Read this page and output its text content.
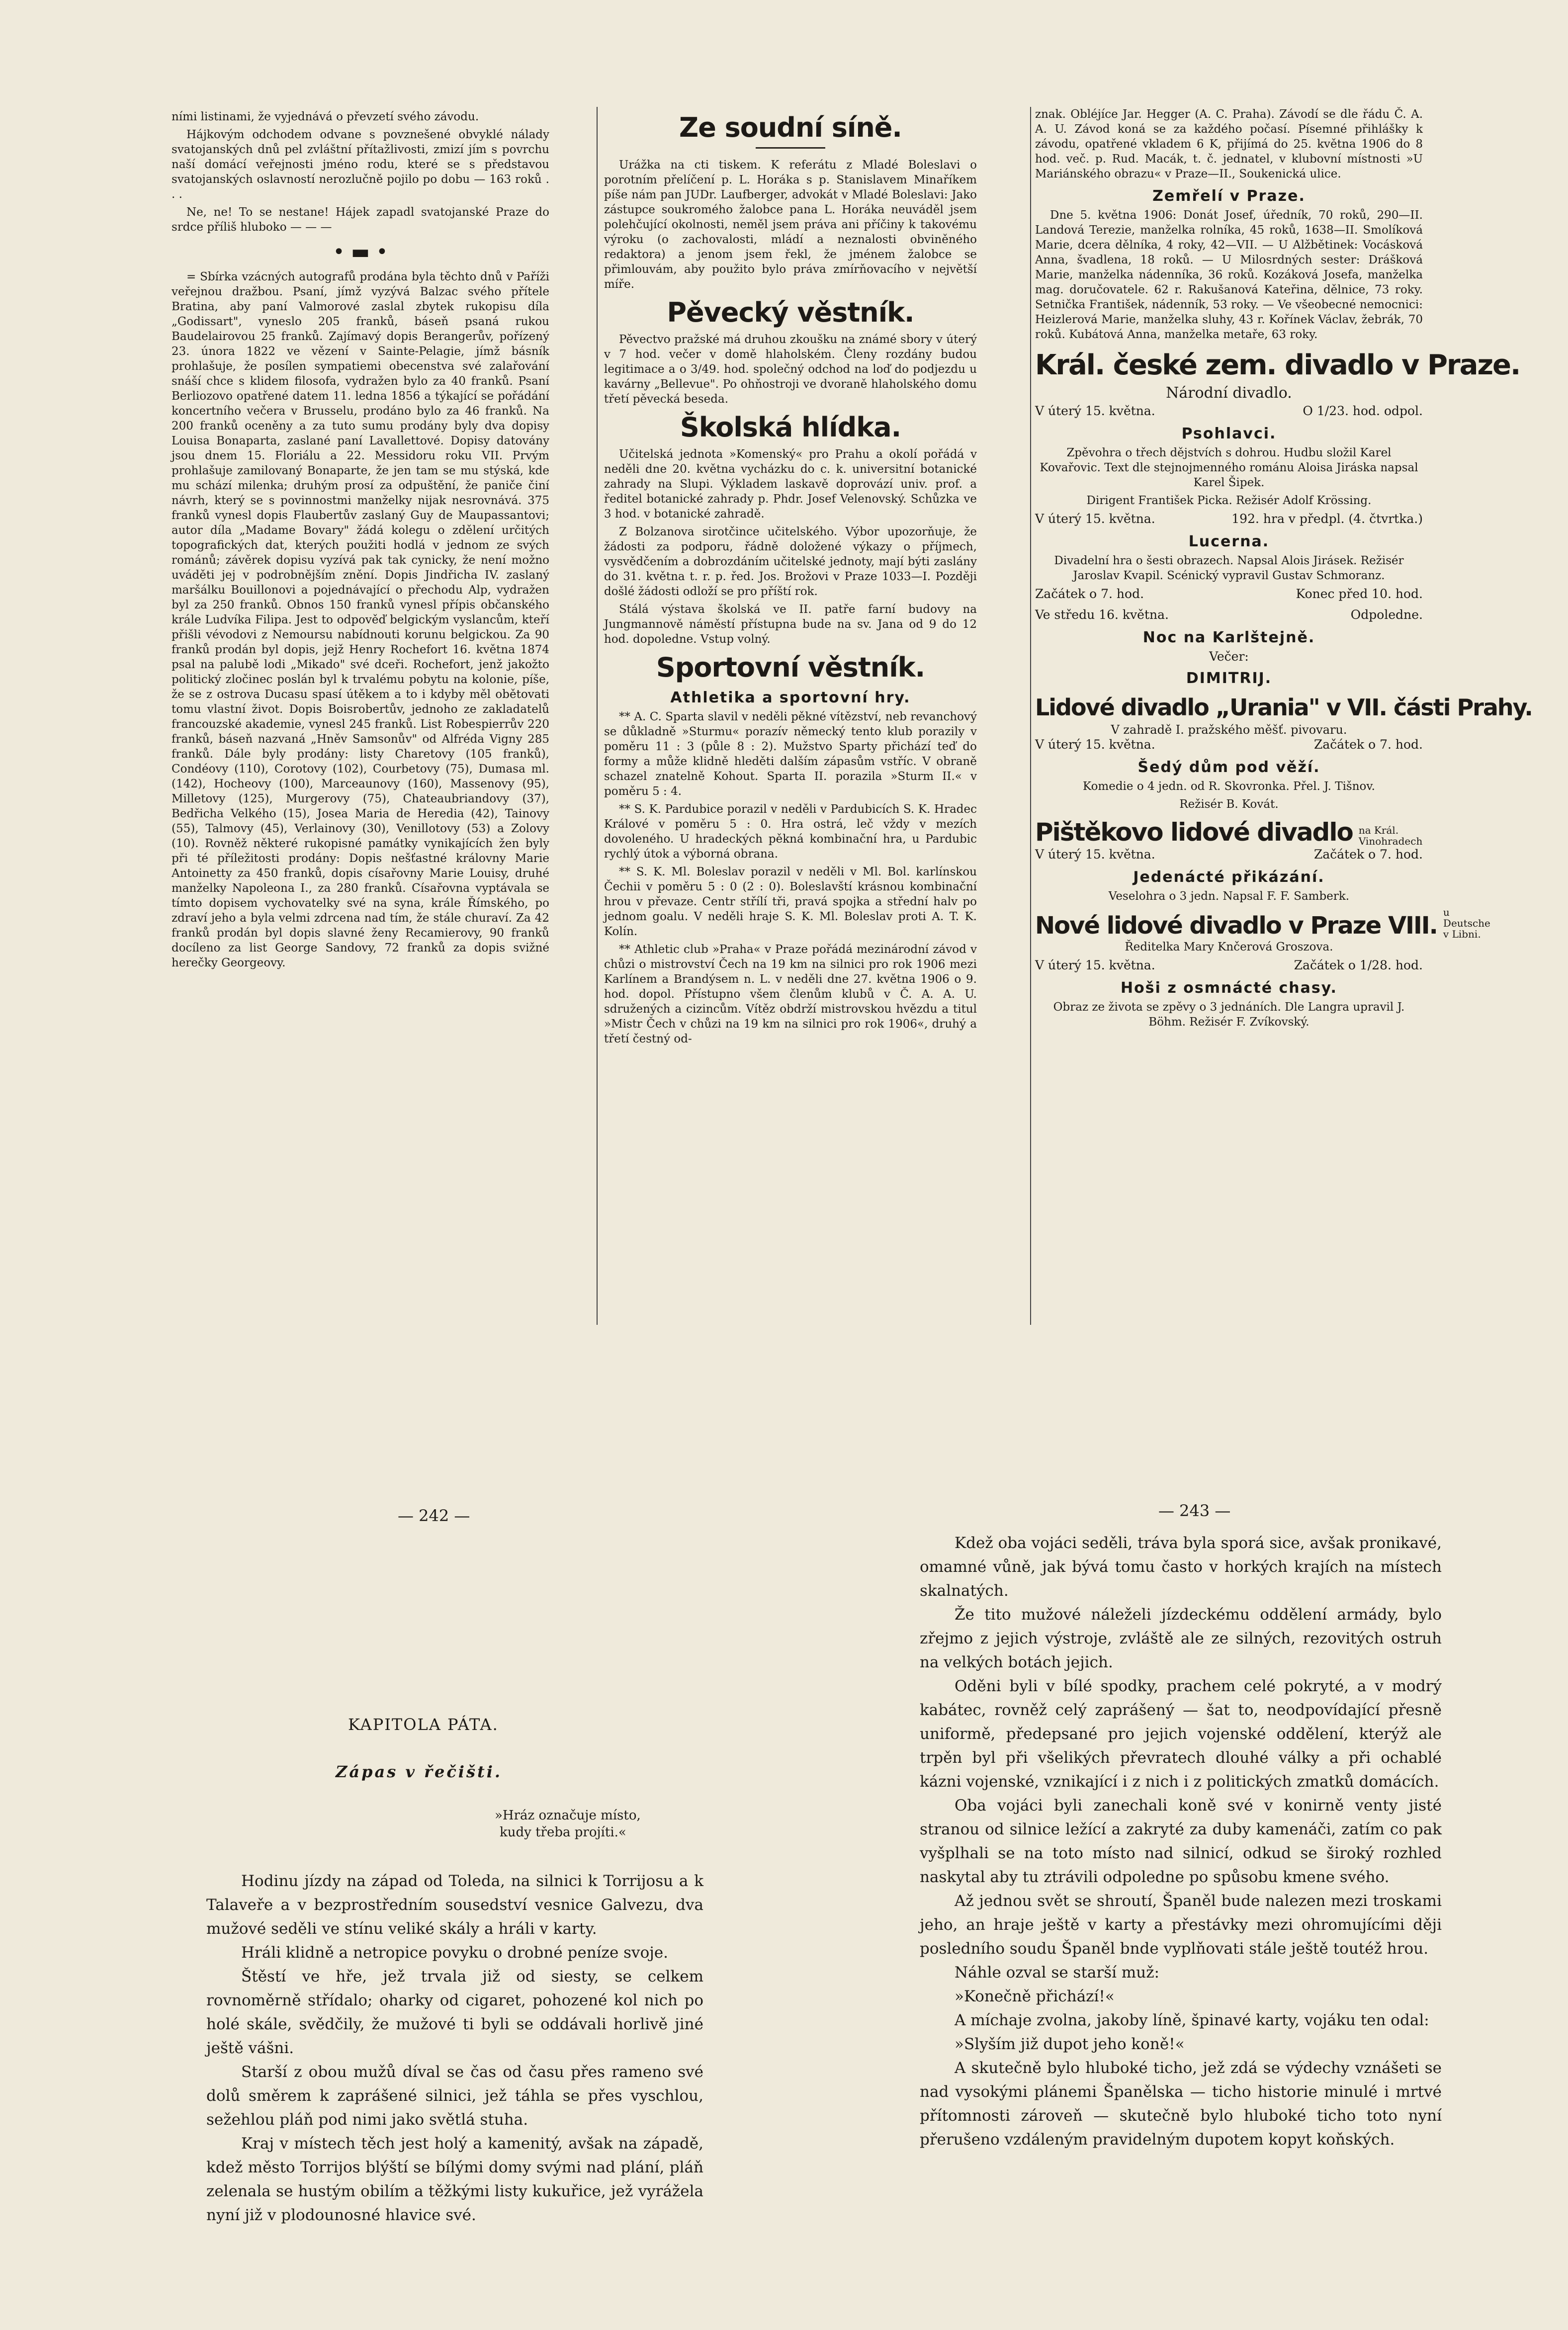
ními listinami, že vyjednává o převzetí svého závodu.

Hájkovým odchodem odvane s povznešené obvyklé nálady svatojanských dnů pel zvláštní přítažlivosti, zmizí jím s povrchu naší domácí veřejnosti jméno rodu, které se s představou svatojanských oslavností nerozlučně pojilo po dobu — 163 roků . . .

Ne, ne! To se nestane! Hájek zapadl svatojanské Praze do srdce příliš hluboko — — —

• ▬ •

= Sbírka vzácných autografů prodána byla těchto dnů v Paříži veřejnou dražbou. Psaní, jímž vyzývá Balzac svého přítele Bratina, aby paní Valmorové zaslal zbytek rukopisu díla „Godissart", vyneslo 205 franků, báseň psaná rukou Baudelairovou 25 franků. Zajímavý dopis Berangerův, pořízený 23. února 1822 ve vězení v Sainte-Pelagie, jímž básník prohlašuje, že posílen sympatiemi obecenstva své zalařování snáší chce s klidem filosofa, vydražen bylo za 40 franků. Psaní Berliozovo opatřené datem 11. ledna 1856 a týkající se pořádání koncertního večera v Brusselu, prodáno bylo za 46 franků. Na 200 franků oceněny a za tuto sumu prodány byly dva dopisy Louisa Bonaparta, zaslané paní Lavallettové. Dopisy datovány jsou dnem 15. Floriálu a 22. Messidoru roku VII. Prvým prohlašuje zamilovaný Bonaparte, že jen tam se mu stýská, kde mu schází milenka; druhým prosí za odpuštění, že paniče činí návrh, který se s povinnostmi manželky nijak nesrovnává. 375 franků vynesl dopis Flaubertův zaslaný Guy de Maupassantovi; autor díla „Madame Bovary" žádá kolegu o zdělení určitých topografických dat, kterých použiti hodlá v jednom ze svých románů; závěrek dopisu vyzívá pak tak cynicky, že není možno uváděti jej v podrobnějším znění. Dopis Jindřicha IV. zaslaný maršálku Bouillonovi a pojednávající o přechodu Alp, vydražen byl za 250 franků. Obnos 150 franků vynesl přípis občanského krále Ludvíka Filipa. Jest to odpověď belgickým vyslancům, kteří přišli vévodovi z Nemoursu nabídnouti korunu belgickou. Za 90 franků prodán byl dopis, jejž Henry Rochefort 16. května 1874 psal na palubě lodi „Mikado" své dceři. Rochefort, jenž jakožto politický zločinec poslán byl k trvalému pobytu na kolonie, píše, že se z ostrova Ducasu spasí útěkem a to i kdyby měl obětovati tomu vlastní život. Dopis Boisrobertův, jednoho ze zakladatelů francouzské akademie, vynesl 245 franků. List Robespierrův 220 franků, báseň nazvaná „Hněv Samsonův" od Alfréda Vigny 285 franků. Dále byly prodány: listy Charetovy (105 franků), Condéovy (110), Corotovy (102), Courbetovy (75), Dumasa ml. (142), Hocheovy (100), Marceaunovy (160), Massenovy (95), Milletovy (125), Murgerovy (75), Chateaubriandovy (37), Bedřicha Velkého (15), Josea Maria de Heredia (42), Tainovy (55), Talmovy (45), Verlainovy (30), Venillotovy (53) a Zolovy (10). Rovněž některé rukopisné památky vynikajících žen byly při té příležitosti prodány: Dopis nešťastné královny Marie Antoinetty za 450 franků, dopis císařovny Marie Louisy, druhé manželky Napoleona I., za 280 franků. Císařovna vyptávala se tímto dopisem vychovatelky své na syna, krále Římského, po zdraví jeho a byla velmi zdrcena nad tím, že stále churaví. Za 42 franků prodán byl dopis slavné ženy Recamierovy, 90 franků docíleno za list George Sandovy, 72 franků za dopis svižné herečky Georgeovy.

Ze soudní síně.

Urážka na cti tiskem. K referátu z Mladé Boleslavi o porotním přelíčení p. L. Horáka s p. Stanislavem Minaříkem píše nám pan JUDr. Laufberger, advokát v Mladé Boleslavi: Jako zástupce soukromého žalobce pana L. Horáka neuváděl jsem polehčující okolnosti, neměl jsem práva ani příčiny k takovému výroku (o zachovalosti, mládí a neznalosti obviněného redaktora) a jenom jsem řekl, že jménem žalobce se přimlouvám, aby použito bylo práva zmírňovacího v největší míře.

Pěvecký věstník.

Pěvectvo pražské má druhou zkoušku na známé sbory v úterý v 7 hod. večer v domě hlaholském. Členy rozdány budou legitimace a o 3/49. hod. společný odchod na loď do podjezdu u kavárny „Bellevue". Po ohňostroji ve dvoraně hlaholského domu třetí pěvecká beseda.

Školská hlídka.

Učitelská jednota »Komenský« pro Prahu a okolí pořádá v neděli dne 20. května vycházku do c. k. universitní botanické zahrady na Slupi. Výkladem laskavě doprovází univ. prof. a ředitel botanické zahrady p. Phdr. Josef Velenovský. Schůzka ve 3 hod. v botanické zahradě.

Z Bolzanova sirotčince učitelského. Výbor upozorňuje, že žádosti za podporu, řádně doložené výkazy o příjmech, vysvědčením a dobrozdáním učitelské jednoty, mají býti zaslány do 31. května t. r. p. řed. Jos. Brožovi v Praze 1033—I. Později došlé žádosti odloží se pro příští rok.

Stálá výstava školská ve II. patře farní budovy na Jungmannově náměstí přístupna bude na sv. Jana od 9 do 12 hod. dopoledne. Vstup volný.

Sportovní věstník.
Athletika a sportovní hry.

** A. C. Sparta slavil v neděli pěkné vítězství, neb revanchový se důkladně »Sturmu« porazív německý tento klub porazily v poměru 11 : 3 (půle 8 : 2). Mužstvo Sparty přichází teď do formy a může klidně hleděti dalším zápasům vstříc. V obraně schazel znatelně Kohout. Sparta II. porazila »Sturm II.« v poměru 5 : 4.

** S. K. Pardubice porazil v neděli v Pardubicích S. K. Hradec Králové v poměru 5 : 0. Hra ostrá, leč vždy v mezích dovoleného. U hradeckých pěkná kombinační hra, u Pardubic rychlý útok a výborná obrana.

** S. K. Ml. Boleslav porazil v neděli v Ml. Bol. karlínskou Čechii v poměru 5 : 0 (2 : 0). Boleslavští krásnou kombinační hrou v převaze. Centr střílí tři, pravá spojka a střední halv po jednom goalu. V neděli hraje S. K. Ml. Boleslav proti A. T. K. Kolín.

** Athletic club »Praha« v Praze pořádá mezinárodní závod v chůzi o mistrovství Čech na 19 km na silnici pro rok 1906 mezi Karlínem a Brandýsem n. L. v neděli dne 27. května 1906 o 9. hod. dopol. Přístupno všem členům klubů v Č. A. A. U. sdružených a cizincům. Vítěz obdrží mistrovskou hvězdu a titul »Mistr Čech v chůzi na 19 km na silnici pro rok 1906«, druhý a třetí čestný od-

znak. Obléjíce Jar. Hegger (A. C. Praha). Závodí se dle řádu Č. A. A. U. Závod koná se za každého počasí. Písemné přihlášky k závodu, opatřené vkladem 6 K, přijímá do 25. května 1906 do 8 hod. več. p. Rud. Macák, t. č. jednatel, v klubovní místnosti »U Mariánského obrazu« v Praze—II., Soukenická ulice.

Zemřelí v Praze.

Dne 5. května 1906: Donát Josef, úředník, 70 roků, 290—II. Landová Terezie, manželka rolníka, 45 roků, 1638—II. Smolíková Marie, dcera dělníka, 4 roky, 42—VII. — U Alžbětinek: Vocásková Anna, švadlena, 18 roků. — U Milosrdných sester: Drášková Marie, manželka nádenníka, 36 roků. Kozáková Josefa, manželka mag. doručovatele. 62 r. Rakušanová Kateřina, dělnice, 73 roky. Setnička František, nádenník, 53 roky. — Ve všeobecné nemocnici: Heizlerová Marie, manželka sluhy, 43 r. Kořínek Václav, žebrák, 70 roků. Kubátová Anna, manželka metaře, 63 roky.

Král. české zem. divadlo v Praze.
Národní divadlo.
V úterý 15. května.	O 1/23. hod. odpol.
Psohlavci.

Zpěvohra o třech dějstvích s dohrou. Hudbu složil Karel Kovařovic. Text dle stejnojmenného románu Aloisa Jiráska napsal Karel Šipek.

Dirigent František Picka. Režisér Adolf Krössing.

V úterý 15. května.	192. hra v předpl. (4. čtvrtka.)
Lucerna.

Divadelní hra o šesti obrazech. Napsal Alois Jirásek. Režisér Jaroslav Kvapil. Scénický vypravil Gustav Schmoranz.

Začátek o 7. hod.	Konec před 10. hod.
Ve středu 16. května.	Odpoledne.
Noc na Karlštejně.
Večer:
DIMITRIJ.
Lidové divadlo „Urania" v VII. části Prahy.
V zahradě I. pražského měšť. pivovaru.
V úterý 15. května.	Začátek o 7. hod.
Šedý dům pod věží.

Komedie o 4 jedn. od R. Skovronka. Přel. J. Tišnov.

Režisér B. Kovát.

Pištěkovo lidové divadlo na Král. Vinohradech
V úterý 15. května.	Začátek o 7. hod.
Jedenácté přikázání.

Veselohra o 3 jedn. Napsal F. F. Samberk.

Nové lidové divadlo v Praze VIII. u Deutsche v Libni.

Ředitelka Mary Knčerová Groszova.

V úterý 15. května.	Začátek o 1/28. hod.
Hoši z osmnácté chasy.

Obraz ze života se zpěvy o 3 jednáních. Dle Langra upravil J. Böhm. Režisér F. Zvíkovský.

— 242 —	— 243 —
KAPITOLA PÁTA.
Zápas v řečišti.
»Hráz označuje místo,
kudy třeba projíti.«

Hodinu jízdy na západ od Toleda, na silnici k Torrijosu a k Talaveře a v bezprostředním sousedství vesnice Galvezu, dva mužové seděli ve stínu veliké skály a hráli v karty.

Hráli klidně a netropice povyku o drobné peníze svoje.

Štěstí ve hře, jež trvala již od siesty, se celkem rovnoměrně střídalo; oharky od cigaret, pohozené kol nich po holé skále, svědčily, že mužové ti byli se oddávali horlivě jiné ještě vášni.

Starší z obou mužů díval se čas od času přes rameno své dolů směrem k zaprášené silnici, jež táhla se přes vyschlou, sežehlou pláň pod nimi jako světlá stuha.

Kraj v místech těch jest holý a kamenitý, avšak na západě, kdež město Torrijos blýští se bílými domy svými nad plání, pláň zelenala se hustým obilím a těžkými listy kukuřice, jež vyrážela nyní již v plodounosné hlavice své.

Kdež oba vojáci seděli, tráva byla sporá sice, avšak pronikavé, omamné vůně, jak bývá tomu často v horkých krajích na místech skalnatých.

Že tito mužové náleželi jízdeckému oddělení armády, bylo zřejmo z jejich výstroje, zvláště ale ze silných, rezovitých ostruh na velkých botách jejich.

Oděni byli v bílé spodky, prachem celé pokryté, a v modrý kabátec, rovněž celý zaprášený — šat to, neodpovídající přesně uniformě, předepsané pro jejich vojenské oddělení, kterýž ale trpěn byl při všelikých převratech dlouhé války a při ochablé kázni vojenské, vznikající i z nich i z politických zmatků domácích.

Oba vojáci byli zanechali koně své v konirně venty jisté stranou od silnice ležící a zakryté za duby kamenáči, zatím co pak vyšplhali se na toto místo nad silnicí, odkud se široký rozhled naskytal aby tu ztrávili odpoledne po spůsobu kmene svého.

Až jednou svět se shroutí, Španěl bude nalezen mezi troskami jeho, an hraje ještě v karty a přestávky mezi ohromujícími ději posledního soudu Španěl bnde vyplňovati stále ještě toutéž hrou.

Náhle ozval se starší muž:

»Konečně přichází!«

A míchaje zvolna, jakoby líně, špinavé karty, vojáku ten odal:

»Slyším již dupot jeho koně!«

A skutečně bylo hluboké ticho, jež zdá se výdechy vznášeti se nad vysokými plánemi Španělska — ticho historie minulé i mrtvé přítomnosti zároveň — skutečně bylo hluboké ticho toto nyní přerušeno vzdáleným pravidelným dupotem kopyt koňských.
